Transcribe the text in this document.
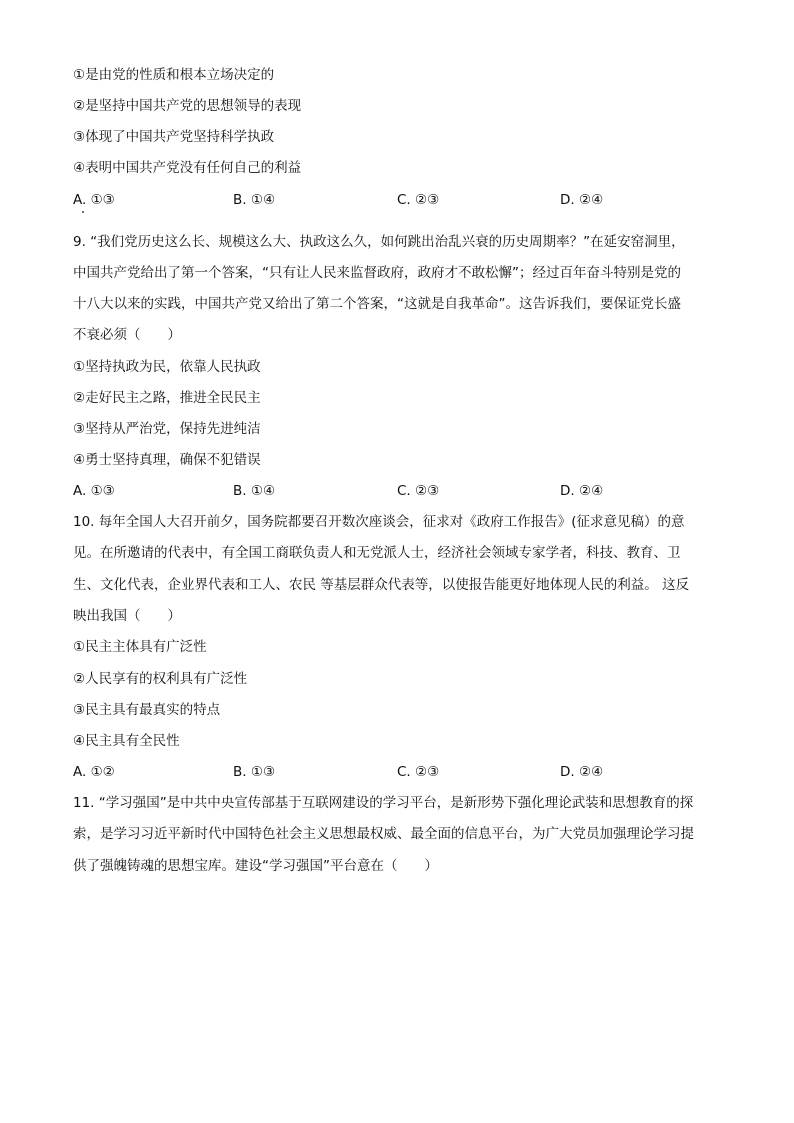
①是由党的性质和根本立场决定的
②是坚持中国共产党的思想领导的表现
③体现了中国共产党坚持科学执政
④表明中国共产党没有任何自己的利益
A. ①③	B. ①④	C. ②③	D. ②④
9. “我们党历史这么长、规模这么大、执政这么久，如何跳出治乱兴衰的历史周期率？”在延安窑洞里，
中国共产党给出了第一个答案，“只有让人民来监督政府，政府才不敢松懈”；经过百年奋斗特别是党的
十八大以来的实践，中国共产党又给出了第二个答案，“这就是自我革命”。这告诉我们，要保证党长盛
不衰必须（　　）
①坚持执政为民，依靠人民执政
②走好民主之路，推进全民民主
③坚持从严治党，保持先进纯洁
④勇士坚持真理，确保不犯错误
A. ①③	B. ①④	C. ②③	D. ②④
10. 每年全国人大召开前夕，国务院都要召开数次座谈会，征求对《政府工作报告》(征求意见稿）的意
见。在所邀请的代表中，有全国工商联负责人和无党派人士，经济社会领域专家学者，科技、教育、卫
生、文化代表，企业界代表和工人、农民 等基层群众代表等，以使报告能更好地体现人民的利益。 这反
映出我国（　　）
①民主主体具有广泛性
②人民享有的权利具有广泛性
③民主具有最真实的特点
④民主具有全民性
A. ①②	B. ①③	C. ②③	D. ②④
11. “学习强国”是中共中央宣传部基于互联网建设的学习平台，是新形势下强化理论武装和思想教育的探
索，是学习习近平新时代中国特色社会主义思想最权威、最全面的信息平台，为广大党员加强理论学习提
供了强魄铸魂的思想宝库。建设“学习强国”平台意在（　　）
